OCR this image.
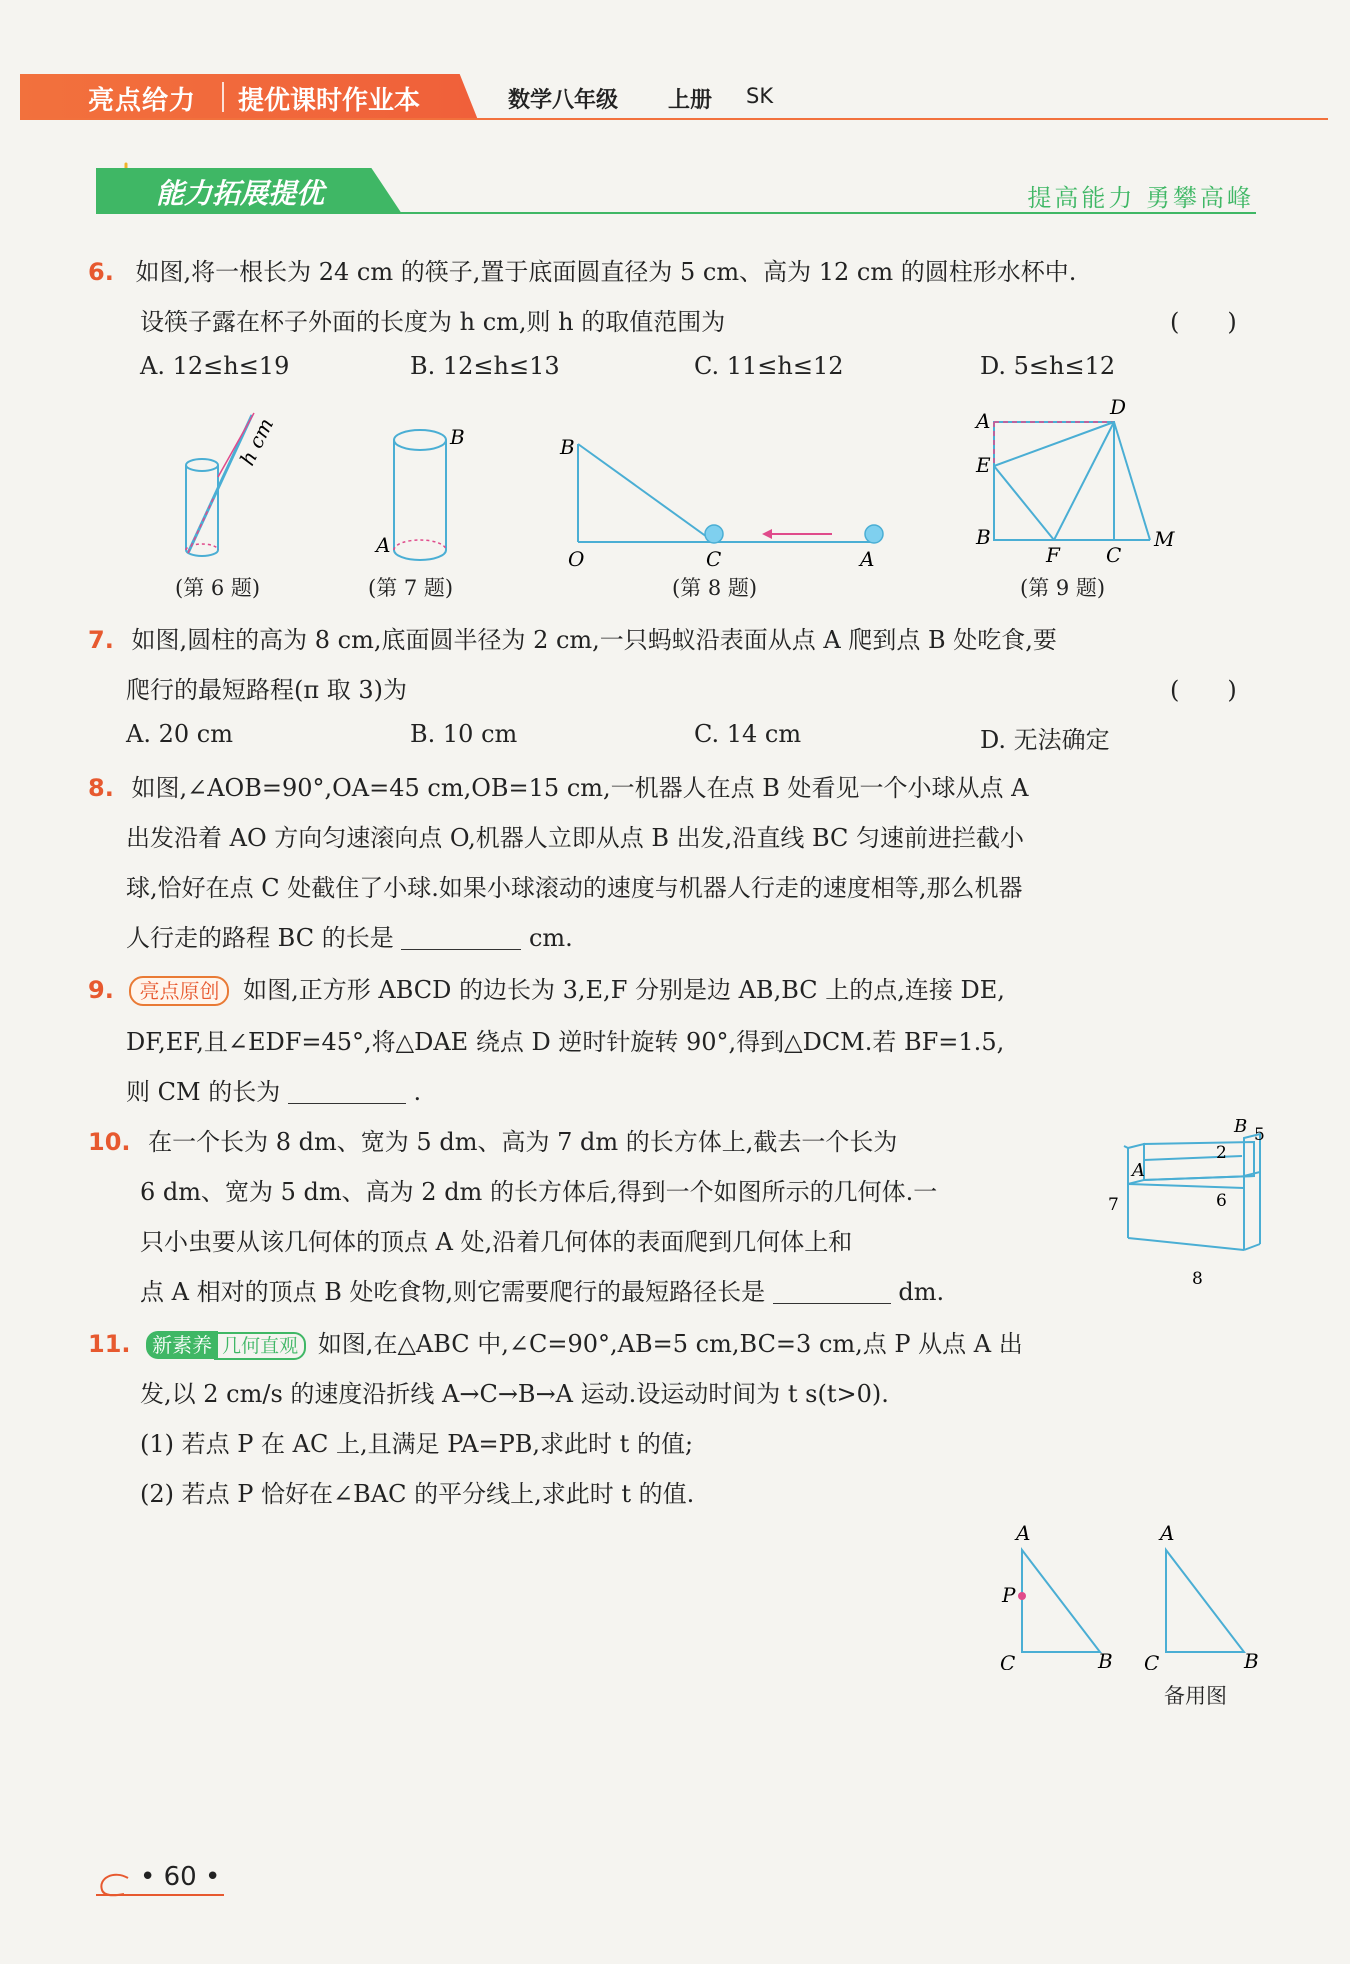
亮点给力 提优课时作业本	数学八年级 上册 SK
能力拓展提优	提高能力 勇攀高峰
6. 如图,将一根长为 24 cm 的筷子,置于底面圆直径为 5 cm、高为 12 cm 的圆柱形水杯中.
设筷子露在杯子外面的长度为 h cm,则 h 的取值范围为	(　　)
A. 12≤h≤19	B. 12≤h≤13	C. 11≤h≤12	D. 5≤h≤12
h cm
(第 6 题)
A
B
(第 7 题)
B
O	C	A
(第 8 题)
A
D
E
B
F C
M
(第 9 题)
7. 如图,圆柱的高为 8 cm,底面圆半径为 2 cm,一只蚂蚁沿表面从点 A 爬到点 B 处吃食,要
爬行的最短路程(π 取 3)为	(　　)
A. 20 cm	B. 10 cm	C. 14 cm	D. 无法确定
8. 如图,∠AOB=90°,OA=45 cm,OB=15 cm,一机器人在点 B 处看见一个小球从点 A
出发沿着 AO 方向匀速滚向点 O,机器人立即从点 B 出发,沿直线 BC 匀速前进拦截小
球,恰好在点 C 处截住了小球.如果小球滚动的速度与机器人行走的速度相等,那么机器
人行走的路程 BC 的长是	cm.
9. 亮点原创 如图,正方形 ABCD 的边长为 3,E,F 分别是边 AB,BC 上的点,连接 DE,
DF,EF,且∠EDF=45°,将△DAE 绕点 D 逆时针旋转 90°,得到△DCM.若 BF=1.5,
则 CM 的长为	.
10. 在一个长为 8 dm、宽为 5 dm、高为 7 dm 的长方体上,截去一个长为
6 dm、宽为 5 dm、高为 2 dm 的长方体后,得到一个如图所示的几何体.一
只小虫要从该几何体的顶点 A 处,沿着几何体的表面爬到几何体上和
点 A 相对的顶点 B 处吃食物,则它需要爬行的最短路径长是	dm.
A
B 5
2
6
7
8
11. 新素养 几何直观 如图,在△ABC 中,∠C=90°,AB=5 cm,BC=3 cm,点 P 从点 A 出
发,以 2 cm/s 的速度沿折线 A→C→B→A 运动.设运动时间为 t s(t>0).
(1) 若点 P 在 AC 上,且满足 PA=PB,求此时 t 的值;
(2) 若点 P 恰好在∠BAC 的平分线上,求此时 t 的值.
A
P
C	B
A
C	B
备用图
• 60 •
